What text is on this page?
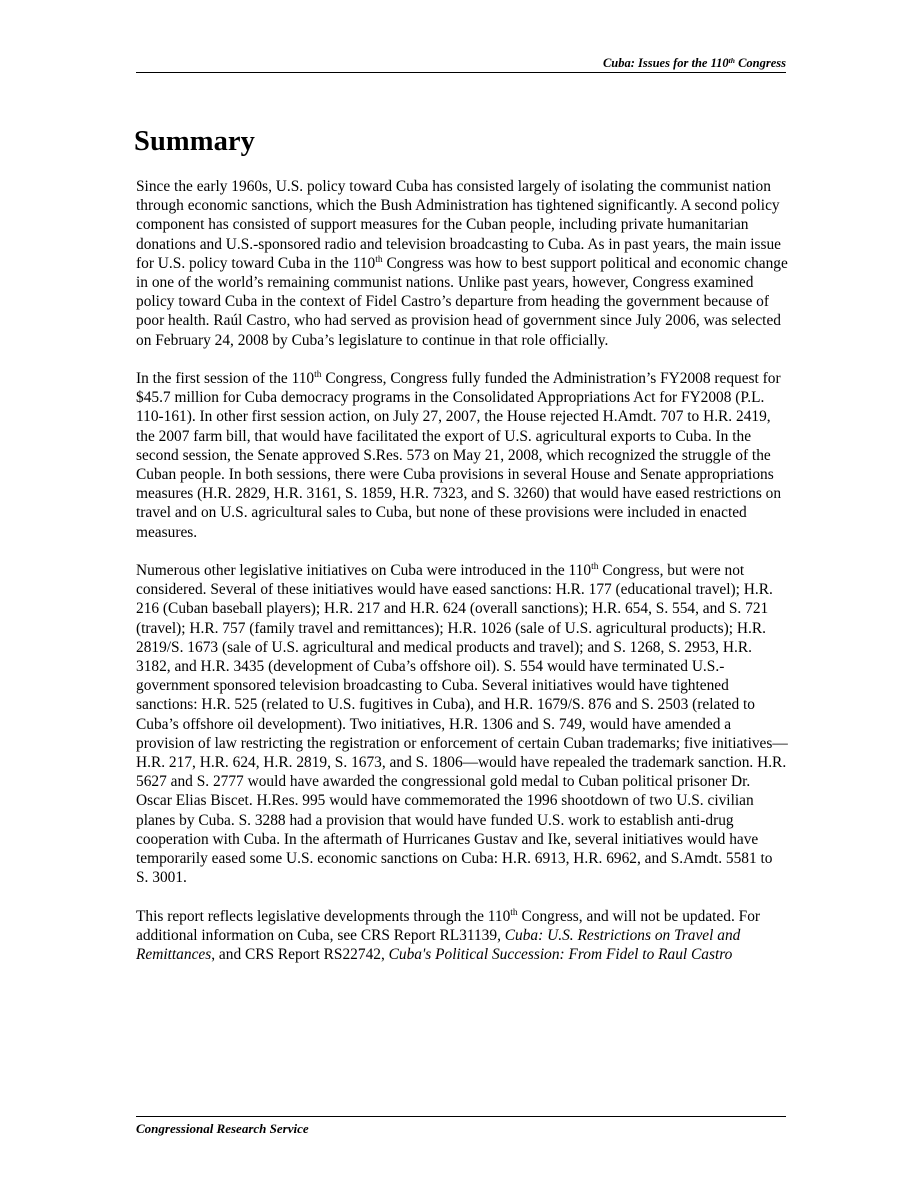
Cuba: Issues for the 110th Congress
Summary

Since the early 1960s, U.S. policy toward Cuba has consisted largely of isolating the communist nation through economic sanctions, which the Bush Administration has tightened significantly. A second policy component has consisted of support measures for the Cuban people, including private humanitarian donations and U.S.-sponsored radio and television broadcasting to Cuba. As in past years, the main issue for U.S. policy toward Cuba in the 110th Congress was how to best support political and economic change in one of the world’s remaining communist nations. Unlike past years, however, Congress examined policy toward Cuba in the context of Fidel Castro’s departure from heading the government because of poor health. Raúl Castro, who had served as provision head of government since July 2006, was selected on February 24, 2008 by Cuba’s legislature to continue in that role officially.

In the first session of the 110th Congress, Congress fully funded the Administration’s FY2008 request for $45.7 million for Cuba democracy programs in the Consolidated Appropriations Act for FY2008 (P.L. 110-161). In other first session action, on July 27, 2007, the House rejected H.Amdt. 707 to H.R. 2419, the 2007 farm bill, that would have facilitated the export of U.S. agricultural exports to Cuba. In the second session, the Senate approved S.Res. 573 on May 21, 2008, which recognized the struggle of the Cuban people. In both sessions, there were Cuba provisions in several House and Senate appropriations measures (H.R. 2829, H.R. 3161, S. 1859, H.R. 7323, and S. 3260) that would have eased restrictions on travel and on U.S. agricultural sales to Cuba, but none of these provisions were included in enacted measures.

Numerous other legislative initiatives on Cuba were introduced in the 110th Congress, but were not considered. Several of these initiatives would have eased sanctions: H.R. 177 (educational travel); H.R. 216 (Cuban baseball players); H.R. 217 and H.R. 624 (overall sanctions); H.R. 654, S. 554, and S. 721 (travel); H.R. 757 (family travel and remittances); H.R. 1026 (sale of U.S. agricultural products); H.R. 2819/S. 1673 (sale of U.S. agricultural and medical products and travel); and S. 1268, S. 2953, H.R. 3182, and H.R. 3435 (development of Cuba’s offshore oil). S. 554 would have terminated U.S.-government sponsored television broadcasting to Cuba. Several initiatives would have tightened sanctions: H.R. 525 (related to U.S. fugitives in Cuba), and H.R. 1679/S. 876 and S. 2503 (related to Cuba’s offshore oil development). Two initiatives, H.R. 1306 and S. 749, would have amended a provision of law restricting the registration or enforcement of certain Cuban trademarks; five initiatives—H.R. 217, H.R. 624, H.R. 2819, S. 1673, and S. 1806—would have repealed the trademark sanction. H.R. 5627 and S. 2777 would have awarded the congressional gold medal to Cuban political prisoner Dr. Oscar Elias Biscet. H.Res. 995 would have commemorated the 1996 shootdown of two U.S. civilian planes by Cuba. S. 3288 had a provision that would have funded U.S. work to establish anti-drug cooperation with Cuba. In the aftermath of Hurricanes Gustav and Ike, several initiatives would have temporarily eased some U.S. economic sanctions on Cuba: H.R. 6913, H.R. 6962, and S.Amdt. 5581 to S. 3001.

This report reflects legislative developments through the 110th Congress, and will not be updated. For additional information on Cuba, see CRS Report RL31139, Cuba: U.S. Restrictions on Travel and Remittances, and CRS Report RS22742, Cuba's Political Succession: From Fidel to Raul Castro

Congressional Research Service
